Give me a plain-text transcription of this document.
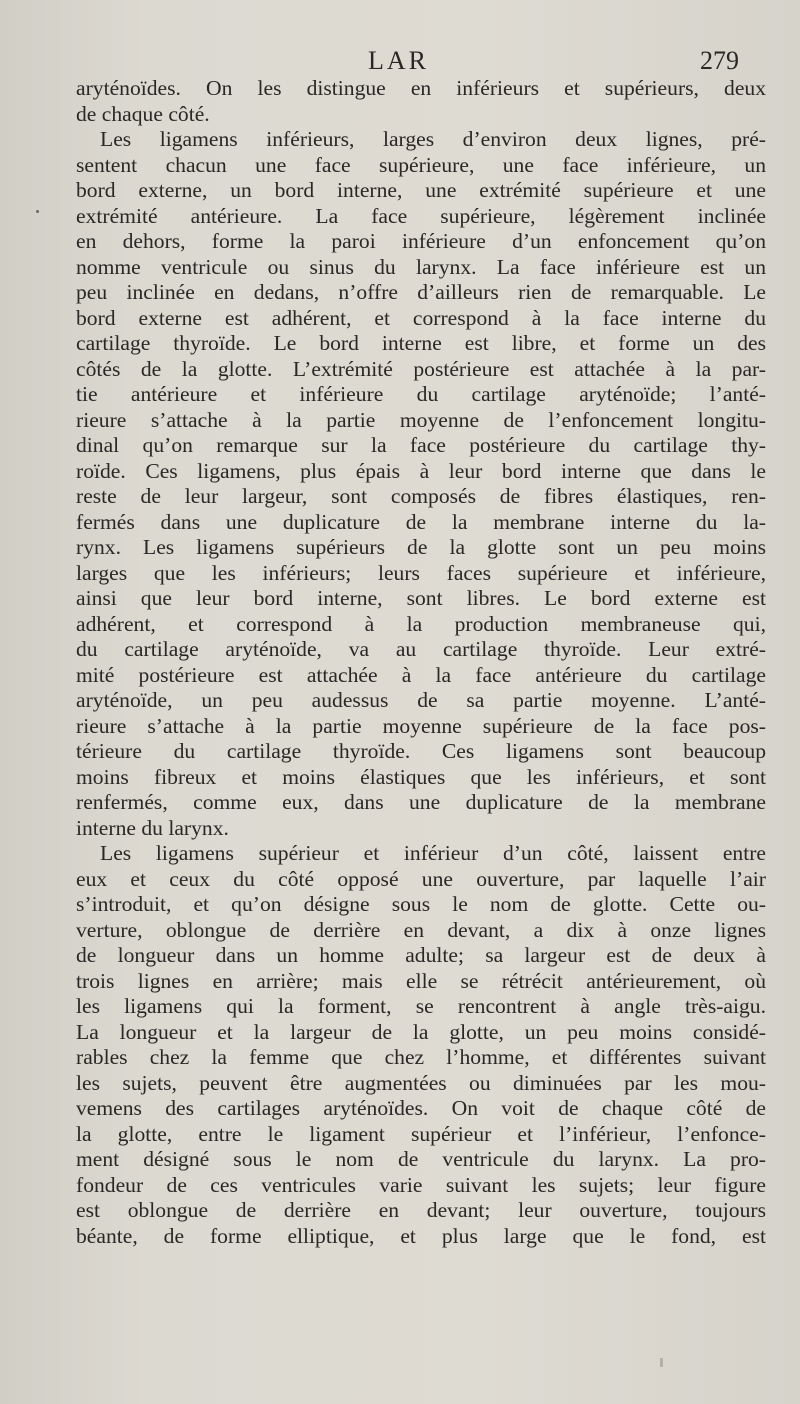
LAR	279
aryténoïdes. On les distingue en inférieurs et supérieurs, deux
de chaque côté.
Les ligamens inférieurs, larges d’environ deux lignes, pré-
sentent chacun une face supérieure, une face inférieure, un
bord externe, un bord interne, une extrémité supérieure et une
extrémité antérieure. La face supérieure, légèrement inclinée
en dehors, forme la paroi inférieure d’un enfoncement qu’on
nomme ventricule ou sinus du larynx. La face inférieure est un
peu inclinée en dedans, n’offre d’ailleurs rien de remarquable. Le
bord externe est adhérent, et correspond à la face interne du
cartilage thyroïde. Le bord interne est libre, et forme un des
côtés de la glotte. L’extrémité postérieure est attachée à la par-
tie antérieure et inférieure du cartilage aryténoïde; l’anté-
rieure s’attache à la partie moyenne de l’enfoncement longitu-
dinal qu’on remarque sur la face postérieure du cartilage thy-
roïde. Ces ligamens, plus épais à leur bord interne que dans le
reste de leur largeur, sont composés de fibres élastiques, ren-
fermés dans une duplicature de la membrane interne du la-
rynx. Les ligamens supérieurs de la glotte sont un peu moins
larges que les inférieurs; leurs faces supérieure et inférieure,
ainsi que leur bord interne, sont libres. Le bord externe est
adhérent, et correspond à la production membraneuse qui,
du cartilage aryténoïde, va au cartilage thyroïde. Leur extré-
mité postérieure est attachée à la face antérieure du cartilage
aryténoïde, un peu audessus de sa partie moyenne. L’anté-
rieure s’attache à la partie moyenne supérieure de la face pos-
térieure du cartilage thyroïde. Ces ligamens sont beaucoup
moins fibreux et moins élastiques que les inférieurs, et sont
renfermés, comme eux, dans une duplicature de la membrane
interne du larynx.
Les ligamens supérieur et inférieur d’un côté, laissent entre
eux et ceux du côté opposé une ouverture, par laquelle l’air
s’introduit, et qu’on désigne sous le nom de glotte. Cette ou-
verture, oblongue de derrière en devant, a dix à onze lignes
de longueur dans un homme adulte; sa largeur est de deux à
trois lignes en arrière; mais elle se rétrécit antérieurement, où
les ligamens qui la forment, se rencontrent à angle très-aigu.
La longueur et la largeur de la glotte, un peu moins considé-
rables chez la femme que chez l’homme, et différentes suivant
les sujets, peuvent être augmentées ou diminuées par les mou-
vemens des cartilages aryténoïdes. On voit de chaque côté de
la glotte, entre le ligament supérieur et l’inférieur, l’enfonce-
ment désigné sous le nom de ventricule du larynx. La pro-
fondeur de ces ventricules varie suivant les sujets; leur figure
est oblongue de derrière en devant; leur ouverture, toujours
béante, de forme elliptique, et plus large que le fond, est
